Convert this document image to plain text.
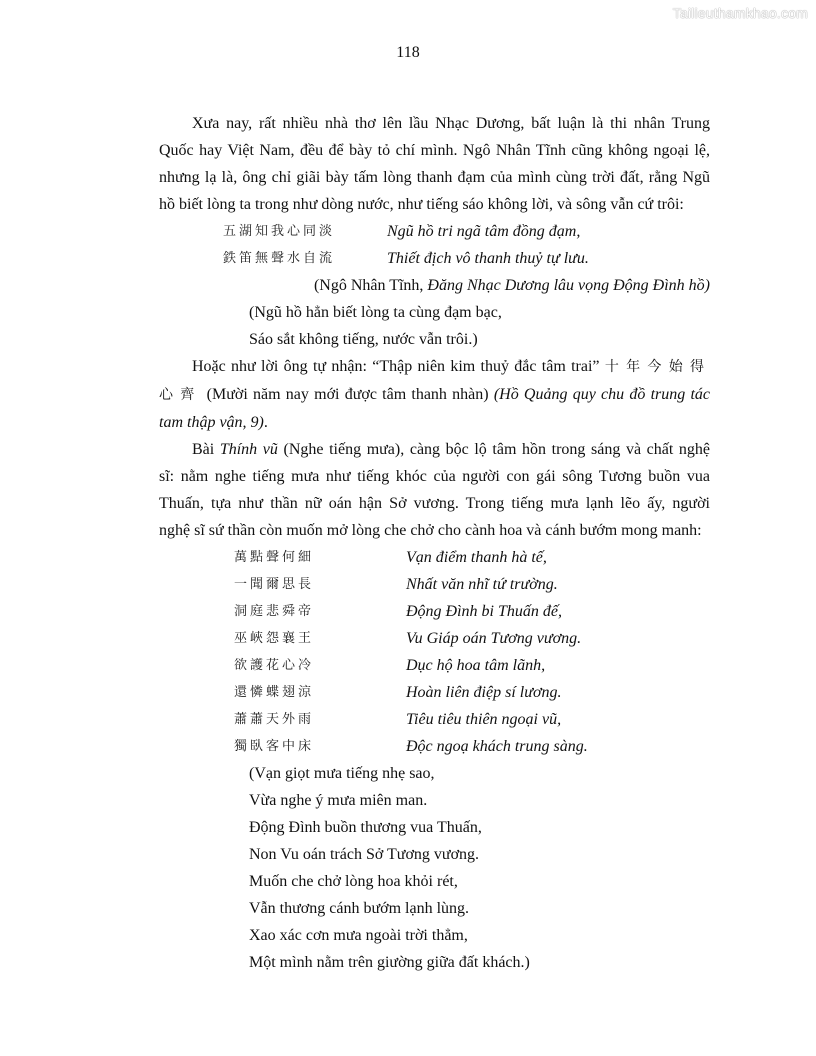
Tailieuthamkhao.com
118
Xưa nay, rất nhiều nhà thơ lên lầu Nhạc Dương, bất luận là thi nhân Trung
Quốc hay Việt Nam, đều để bày tỏ chí mình. Ngô Nhân Tĩnh cũng không ngoại lệ,
nhưng lạ là, ông chỉ giãi bày tấm lòng thanh đạm của mình cùng trời đất, rằng Ngũ
hồ biết lòng ta trong như dòng nước, như tiếng sáo không lời, và sông vẫn cứ trôi:
五湖知我心同淡	Ngũ hồ tri ngã tâm đồng đạm,
鉄笛無聲水自流	Thiết địch vô thanh thuỷ tự lưu.

(Ngô Nhân Tĩnh, Đăng Nhạc Dương lâu vọng Động Đình hồ)

(Ngũ hồ hẳn biết lòng ta cùng đạm bạc,
Sáo sắt không tiếng, nước vẫn trôi.)
Hoặc như lời ông tự nhận: “Thập niên kim thuỷ đắc tâm trai” 十年今始得
心齊 (Mười năm nay mới được tâm thanh nhàn) (Hồ Quảng quy chu đồ trung tác
tam thập vận, 9).
Bài Thính vũ (Nghe tiếng mưa), càng bộc lộ tâm hồn trong sáng và chất nghệ
sĩ: nằm nghe tiếng mưa như tiếng khóc của người con gái sông Tương buồn vua
Thuấn, tựa như thần nữ oán hận Sở vương. Trong tiếng mưa lạnh lẽo ấy, người
nghệ sĩ sứ thần còn muốn mở lòng che chở cho cành hoa và cánh bướm mong manh:
萬點聲何細	Vạn điểm thanh hà tế,
一聞爾思長	Nhất văn nhĩ tứ trường.
洞庭悲舜帝	Động Đình bi Thuấn đế,
巫峽怨襄王	Vu Giáp oán Tương vương.
欲護花心冷	Dục hộ hoa tâm lãnh,
還憐蝶翅涼	Hoàn liên điệp sí lương.
蕭蕭天外雨	Tiêu tiêu thiên ngoại vũ,
獨臥客中床	Độc ngoạ khách trung sàng.
(Vạn giọt mưa tiếng nhẹ sao,
Vừa nghe ý mưa miên man.
Động Đình buồn thương vua Thuấn,
Non Vu oán trách Sở Tương vương.
Muốn che chở lòng hoa khỏi rét,
Vẫn thương cánh bướm lạnh lùng.
Xao xác cơn mưa ngoài trời thẳm,
Một mình nằm trên giường giữa đất khách.)
